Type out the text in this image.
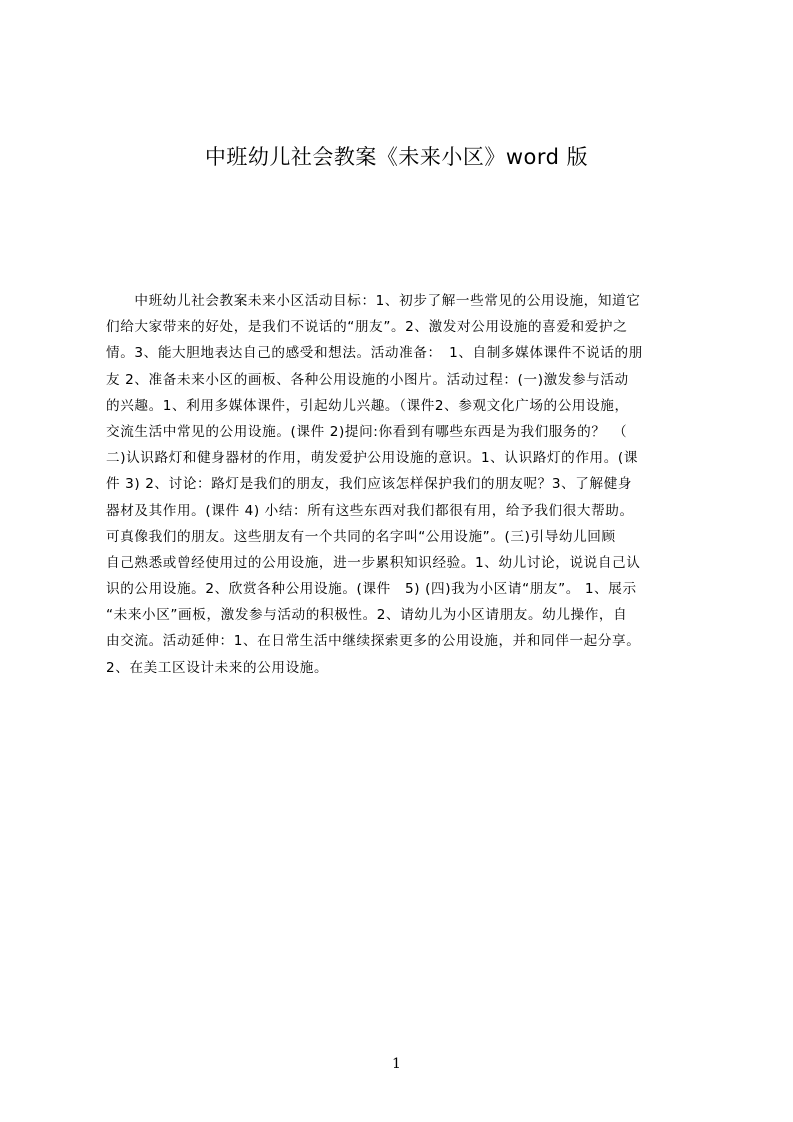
中班幼儿社会教案《未来小区》word 版
　　中班幼儿社会教案未来小区活动目标：1、初步了解一些常见的公用设施，知道它
们给大家带来的好处，是我们不说话的“朋友”。2、激发对公用设施的喜爱和爱护之
情。3、能大胆地表达自己的感受和想法。活动准备：　1、自制多媒体课件不说话的朋
友 2、准备未来小区的画板、各种公用设施的小图片。活动过程：(一)激发参与活动
的兴趣。1、利用多媒体课件，引起幼儿兴趣。（课件2、参观文化广场的公用设施，
交流生活中常见的公用设施。(课件 2)提问:你看到有哪些东西是为我们服务的？　（
二)认识路灯和健身器材的作用，萌发爱护公用设施的意识。1、认识路灯的作用。(课
件 3) 2、讨论：路灯是我们的朋友，我们应该怎样保护我们的朋友呢？3、了解健身
器材及其作用。(课件 4) 小结：所有这些东西对我们都很有用，给予我们很大帮助。
可真像我们的朋友。这些朋友有一个共同的名字叫“公用设施”。(三)引导幼儿回顾
自己熟悉或曾经使用过的公用设施，进一步累积知识经验。1、幼儿讨论，说说自己认
识的公用设施。2、欣赏各种公用设施。(课件　5) (四)我为小区请“朋友”。 1、展示
“未来小区”画板，激发参与活动的积极性。2、请幼儿为小区请朋友。幼儿操作，自
由交流。活动延伸：1、在日常生活中继续探索更多的公用设施，并和同伴一起分享。
2、在美工区设计未来的公用设施。
1
